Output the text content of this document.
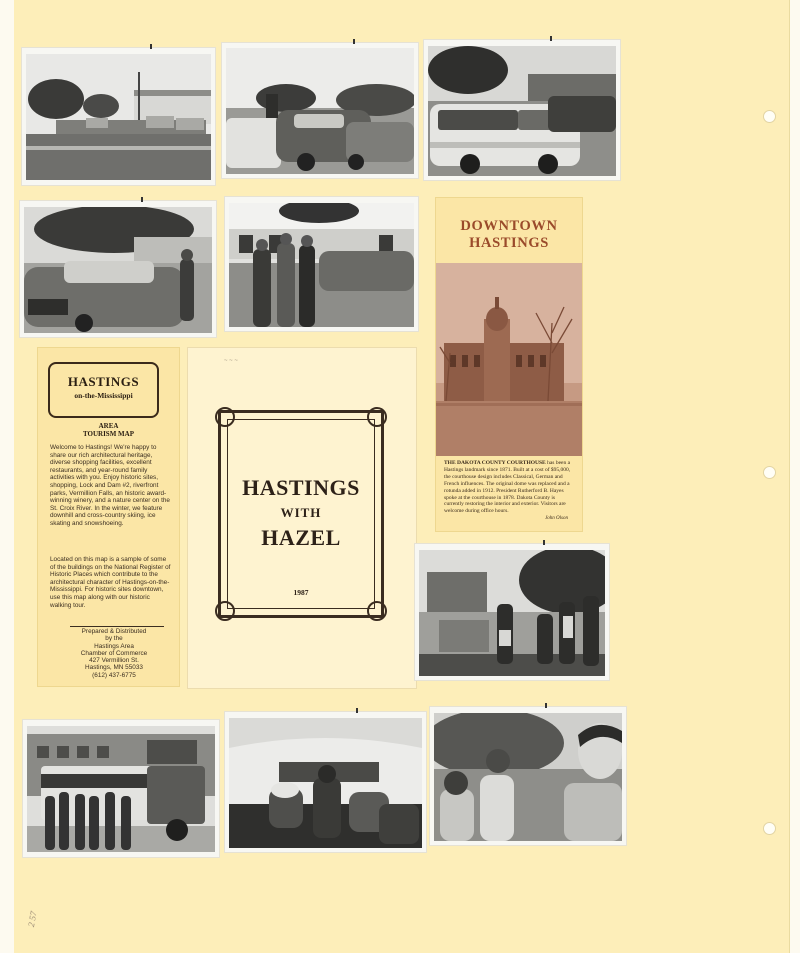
DOWNTOWN
HASTINGS
THE DAKOTA COUNTY COURTHOUSE has been a Hastings landmark since 1871. Built at a cost of $95,000, the courthouse design includes Classical, German and French influences. The original dome was replaced and a rotunda added in 1912. President Rutherford B. Hayes spoke at the courthouse in 1878. Dakota County is currently restoring the interior and exterior. Visitors are welcome during office hours.
John Olson
HASTINGS
on-the-Mississippi
AREA
TOURISM MAP
Welcome to Hastings! We're happy to share our rich architectural heritage, diverse shopping facilities, excellent restaurants, and year-round family activities with you. Enjoy historic sites, shopping, Lock and Dam #2, riverfront parks, Vermillion Falls, an historic award-winning winery, and a nature center on the St. Croix River. In the winter, we feature downhill and cross-country skiing, ice skating and snowshoeing.
Located on this map is a sample of some of the buildings on the National Register of Historic Places which contribute to the architectural character of Hastings-on-the-Mississippi. For historic sites downtown, use this map along with our historic walking tour.
Prepared & Distributed
by the
Hastings Area
Chamber of Commerce
427 Vermillion St.
Hastings, MN 55033
(612) 437-6775
~ ~ ~
HASTINGS
WITH
HAZEL
1987
2 57
